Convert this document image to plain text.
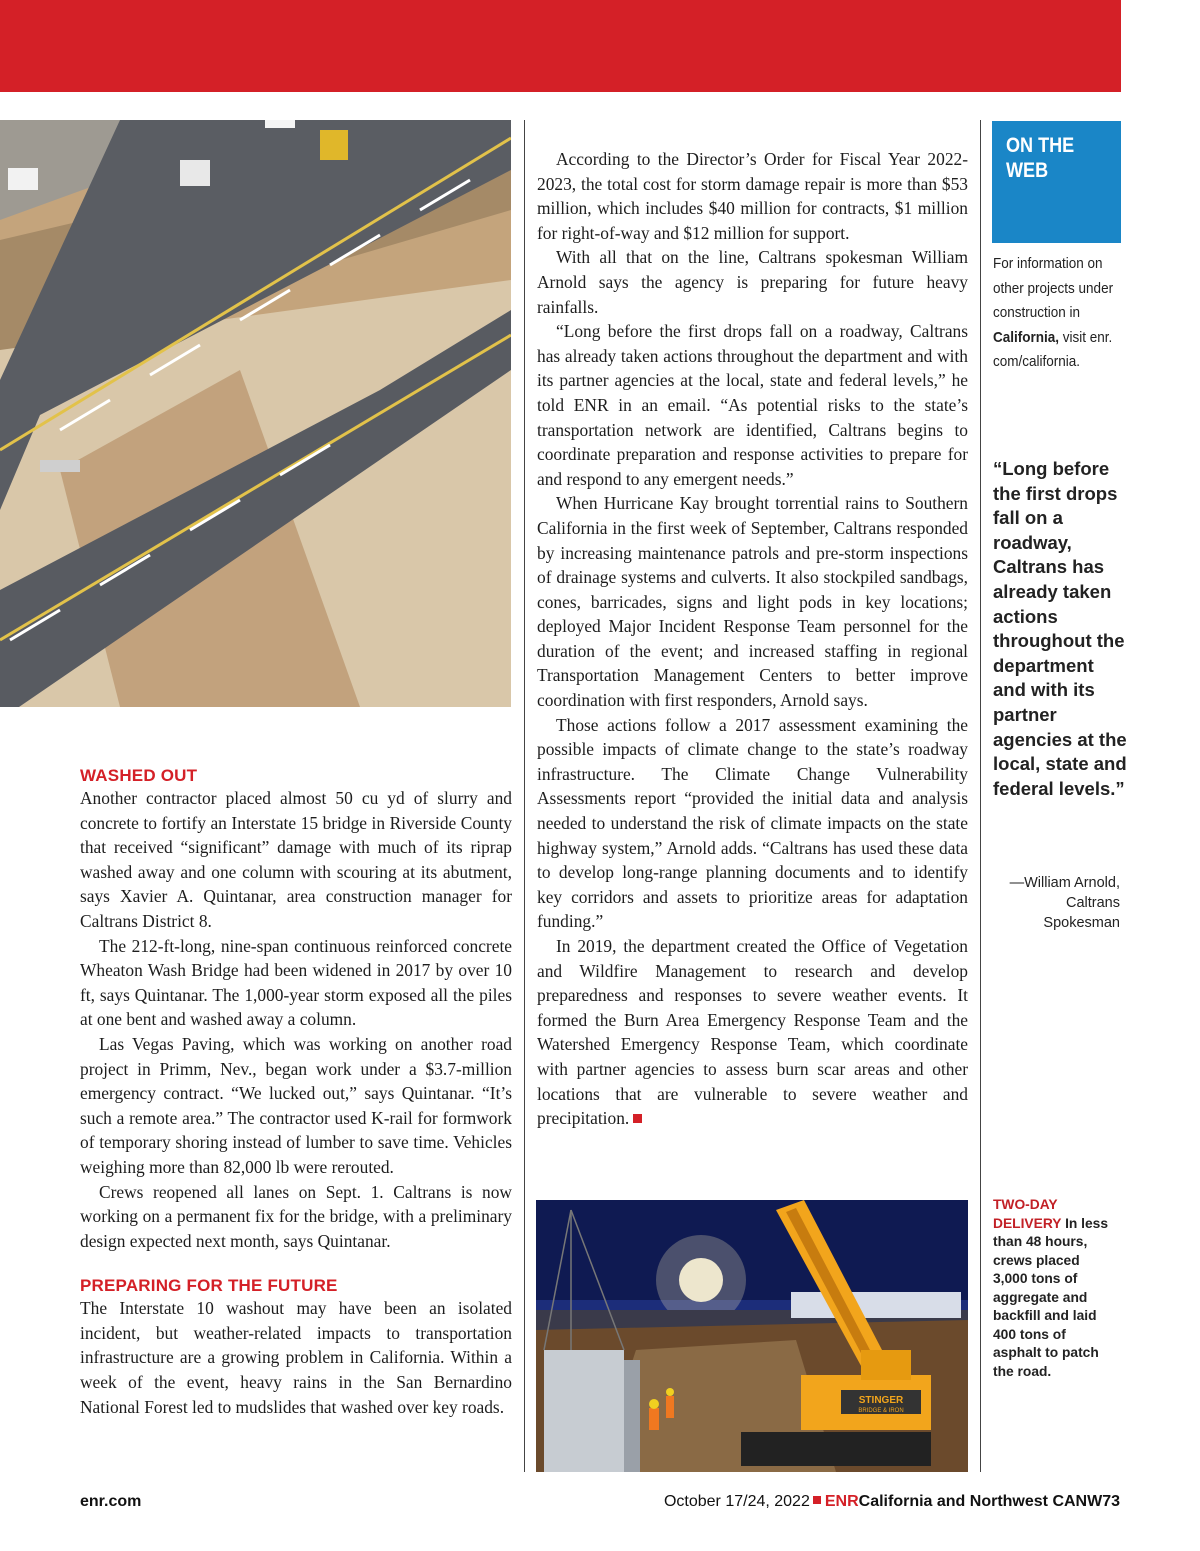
STINGER
BRIDGE & IRON
WASHED OUT

Another contractor placed almost 50 cu yd of slurry and concrete to fortify an Interstate 15 bridge in Riverside County that received “significant” damage with much of its riprap washed away and one column with scouring at its abutment, says Xavier A. Quintanar, area construction manager for Caltrans District 8.

The 212-ft-long, nine-span continuous reinforced concrete Wheaton Wash Bridge had been widened in 2017 by over 10 ft, says Quintanar. The 1,000-year storm exposed all the piles at one bent and washed away a column.

Las Vegas Paving, which was working on another road project in Primm, Nev., began work under a $3.7-million emergency contract. “We lucked out,” says Quintanar. “It’s such a remote area.” The contractor used K-rail for formwork of temporary shoring instead of lumber to save time. Vehicles weighing more than 82,000 lb were rerouted.

Crews reopened all lanes on Sept. 1. Caltrans is now working on a permanent fix for the bridge, with a preliminary design expected next month, says Quintanar.

PREPARING FOR THE FUTURE

The Interstate 10 washout may have been an isolated incident, but weather-related impacts to transportation infrastructure are a growing problem in California. Within a week of the event, heavy rains in the San Bernardino National Forest led to mudslides that washed over key roads.

According to the Director’s Order for Fiscal Year 2022-2023, the total cost for storm damage repair is more than $53 million, which includes $40 million for contracts, $1 million for right-of-way and $12 million for support.

With all that on the line, Caltrans spokesman William Arnold says the agency is preparing for future heavy rainfalls.

“Long before the first drops fall on a roadway, Caltrans has already taken actions throughout the department and with its partner agencies at the local, state and federal levels,” he told ENR in an email. “As potential risks to the state’s transportation network are identified, Caltrans begins to coordinate preparation and response activities to prepare for and respond to any emergent needs.”

When Hurricane Kay brought torrential rains to Southern California in the first week of September, Caltrans responded by increasing maintenance patrols and pre-storm inspections of drainage systems and culverts. It also stockpiled sandbags, cones, barricades, signs and light pods in key locations; deployed Major Incident Response Team personnel for the duration of the event; and increased staffing in regional Transportation Management Centers to better improve coordination with first responders, Arnold says.

Those actions follow a 2017 assessment examining the possible impacts of climate change to the state’s roadway infrastructure. The Climate Change Vulnerability Assessments report “provided the initial data and analysis needed to understand the risk of climate impacts on the state highway system,” Arnold adds. “Caltrans has used these data to develop long-range planning documents and to identify key corridors and assets to prioritize areas for adaptation funding.”

In 2019, the department created the Office of Vegetation and Wildfire Management to research and develop preparedness and responses to severe weather events. It formed the Burn Area Emergency Response Team and the Watershed Emergency Response Team, which coordinate with partner agencies to assess burn scar areas and other locations that are vulnerable to severe weather and precipitation.

ON THE
WEB
For information on other projects under construction in California, visit enr. com/california.
“Long before the first drops fall on a roadway, Caltrans has already taken actions throughout the department and with its partner agencies at the local, state and federal levels.”
—William Arnold,
Caltrans
Spokesman
TWO-DAY DELIVERY In less than 48 hours, crews placed 3,000 tons of aggregate and backfill and laid 400 tons of asphalt to patch the road.
enr.com	October 17/24, 2022 ENRCalifornia and Northwest CANW73
